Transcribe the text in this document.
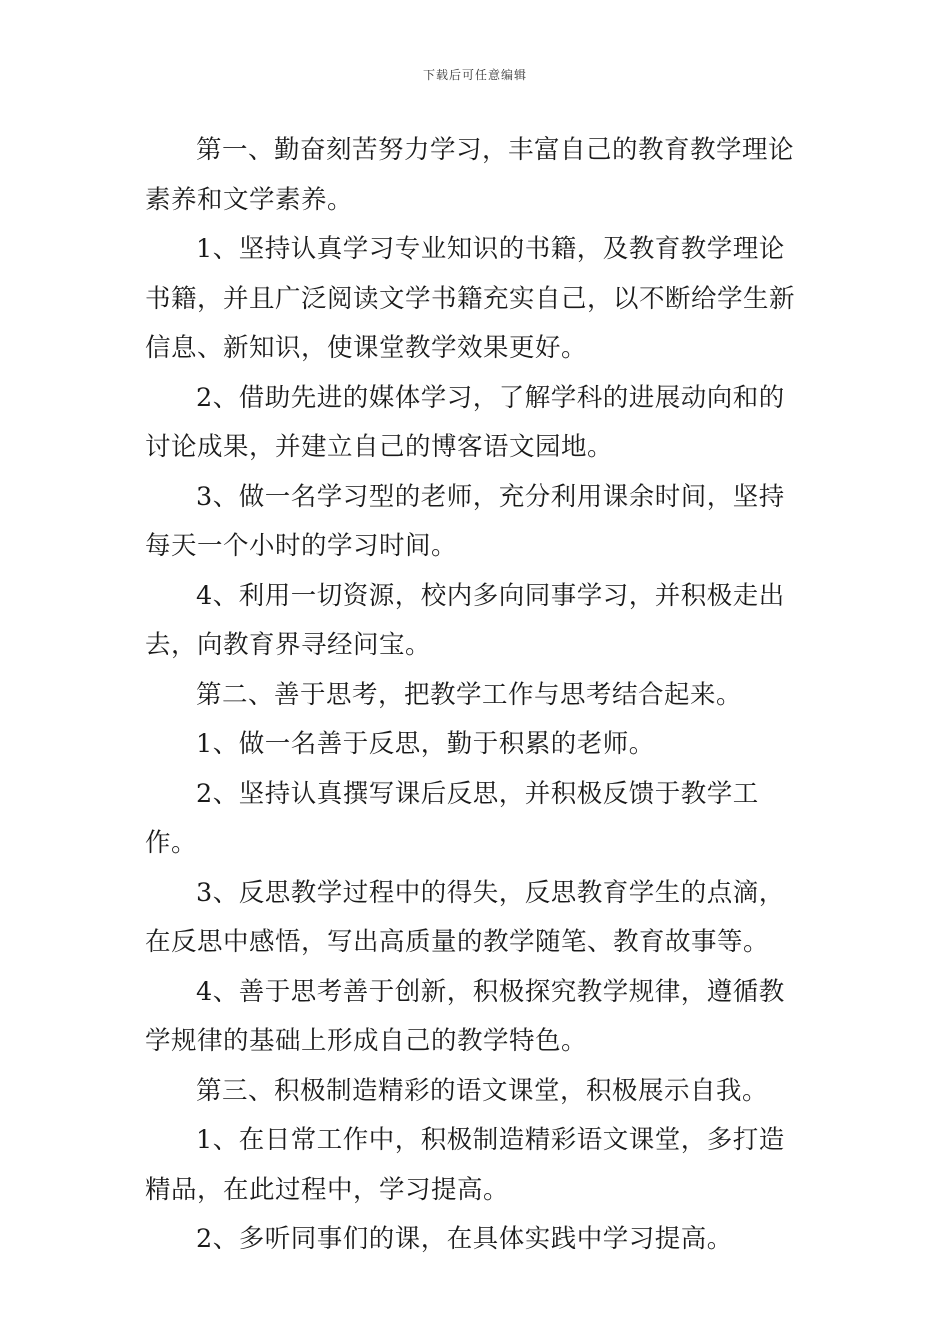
下载后可任意编辑

第一、勤奋刻苦努力学习，丰富自己的教育教学理论素养和文学素养。

1、坚持认真学习专业知识的书籍，及教育教学理论书籍，并且广泛阅读文学书籍充实自己，以不断给学生新信息、新知识，使课堂教学效果更好。

2、借助先进的媒体学习，了解学科的进展动向和的讨论成果，并建立自己的博客语文园地。

3、做一名学习型的老师，充分利用课余时间，坚持每天一个小时的学习时间。

4、利用一切资源，校内多向同事学习，并积极走出去，向教育界寻经问宝。

第二、善于思考，把教学工作与思考结合起来。

1、做一名善于反思，勤于积累的老师。

2、坚持认真撰写课后反思，并积极反馈于教学工作。

3、反思教学过程中的得失，反思教育学生的点滴，在反思中感悟，写出高质量的教学随笔、教育故事等。

4、善于思考善于创新，积极探究教学规律，遵循教学规律的基础上形成自己的教学特色。

第三、积极制造精彩的语文课堂，积极展示自我。

1、在日常工作中，积极制造精彩语文课堂，多打造精品，在此过程中，学习提高。

2、多听同事们的课，在具体实践中学习提高。
